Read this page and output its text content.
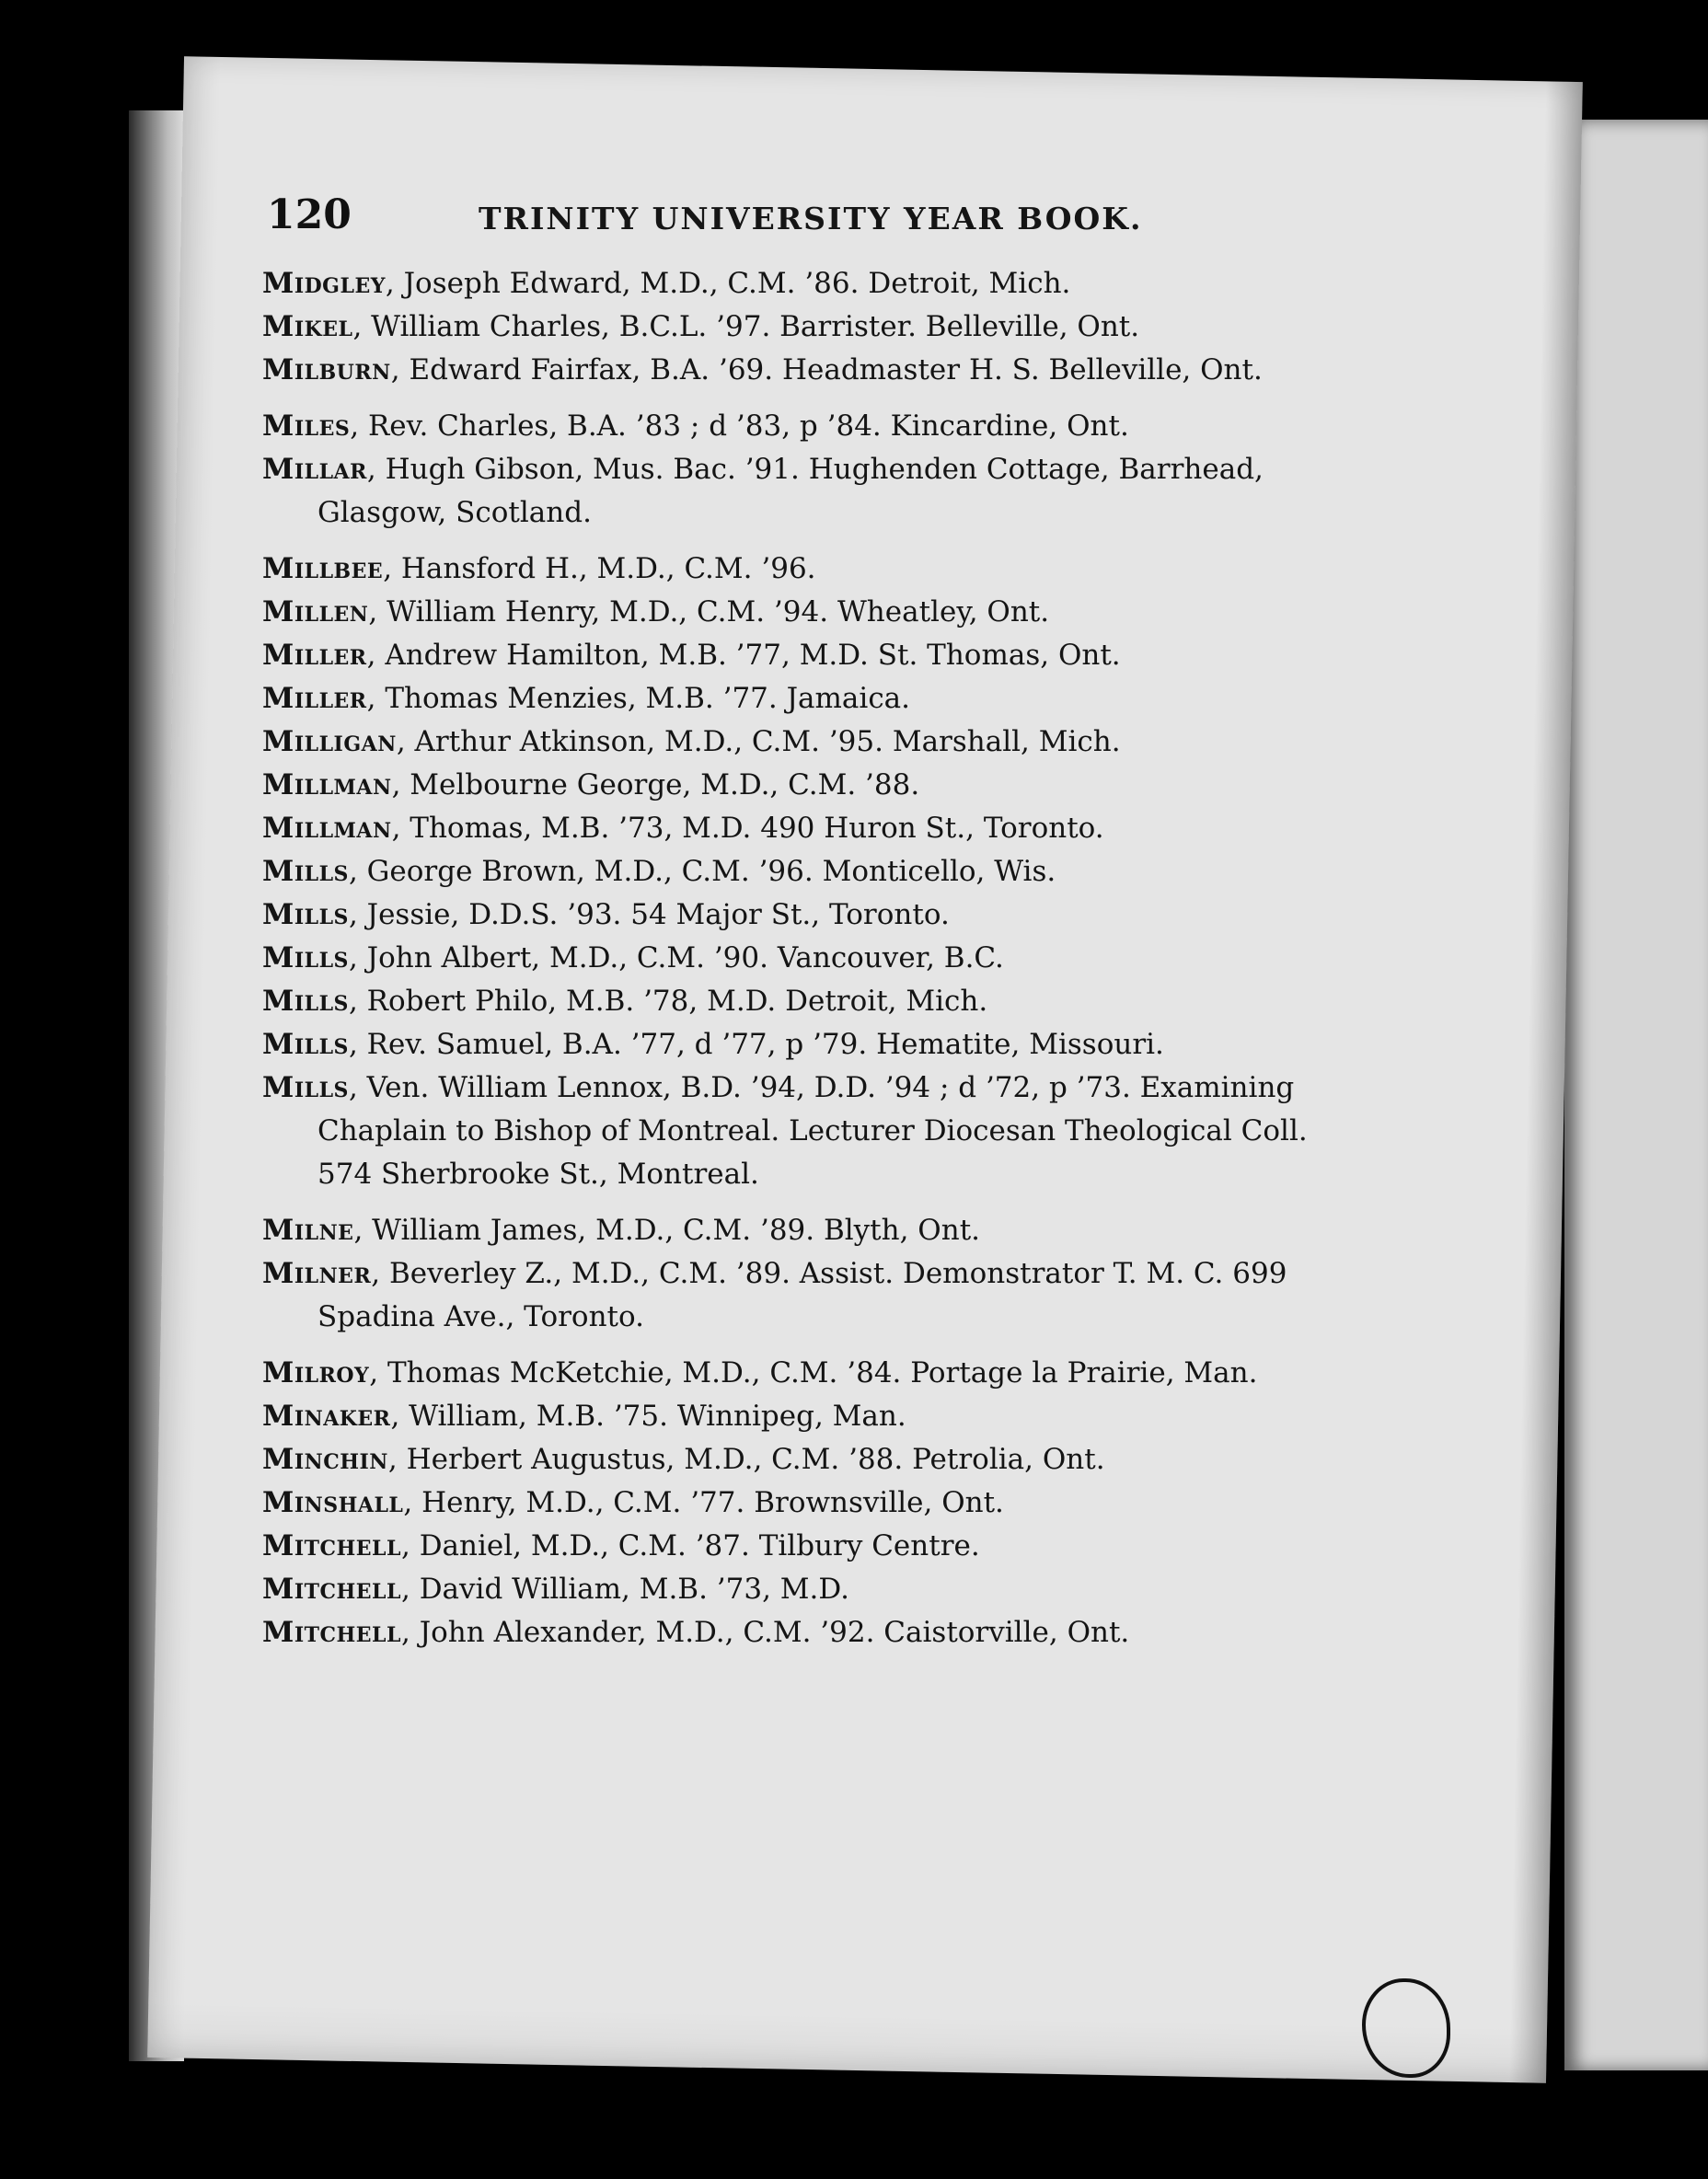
120	TRINITY UNIVERSITY YEAR BOOK.
Midgley, Joseph Edward, M.D., C.M. ’86. Detroit, Mich.
Mikel, William Charles, B.C.L. ’97. Barrister. Belleville, Ont.
Milburn, Edward Fairfax, B.A. ’69. Headmaster H. S. Belleville, Ont.
Miles, Rev. Charles, B.A. ’83 ; d ’83, p ’84. Kincardine, Ont.
Millar, Hugh Gibson, Mus. Bac. ’91. Hughenden Cottage, Barrhead, Glasgow, Scotland.
Millbee, Hansford H., M.D., C.M. ’96.
Millen, William Henry, M.D., C.M. ’94. Wheatley, Ont.
Miller, Andrew Hamilton, M.B. ’77, M.D. St. Thomas, Ont.
Miller, Thomas Menzies, M.B. ’77. Jamaica.
Milligan, Arthur Atkinson, M.D., C.M. ’95. Marshall, Mich.
Millman, Melbourne George, M.D., C.M. ’88.
Millman, Thomas, M.B. ’73, M.D. 490 Huron St., Toronto.
Mills, George Brown, M.D., C.M. ’96. Monticello, Wis.
Mills, Jessie, D.D.S. ’93. 54 Major St., Toronto.
Mills, John Albert, M.D., C.M. ’90. Vancouver, B.C.
Mills, Robert Philo, M.B. ’78, M.D. Detroit, Mich.
Mills, Rev. Samuel, B.A. ’77, d ’77, p ’79. Hematite, Missouri.
Mills, Ven. William Lennox, B.D. ’94, D.D. ’94 ; d ’72, p ’73. Examining Chaplain to Bishop of Montreal. Lecturer Diocesan Theological Coll. 574 Sherbrooke St., Montreal.
Milne, William James, M.D., C.M. ’89. Blyth, Ont.
Milner, Beverley Z., M.D., C.M. ’89. Assist. Demonstrator T. M. C. 699 Spadina Ave., Toronto.
Milroy, Thomas McKetchie, M.D., C.M. ’84. Portage la Prairie, Man.
Minaker, William, M.B. ’75. Winnipeg, Man.
Minchin, Herbert Augustus, M.D., C.M. ’88. Petrolia, Ont.
Minshall, Henry, M.D., C.M. ’77. Brownsville, Ont.
Mitchell, Daniel, M.D., C.M. ’87. Tilbury Centre.
Mitchell, David William, M.B. ’73, M.D.
Mitchell, John Alexander, M.D., C.M. ’92. Caistorville, Ont.
